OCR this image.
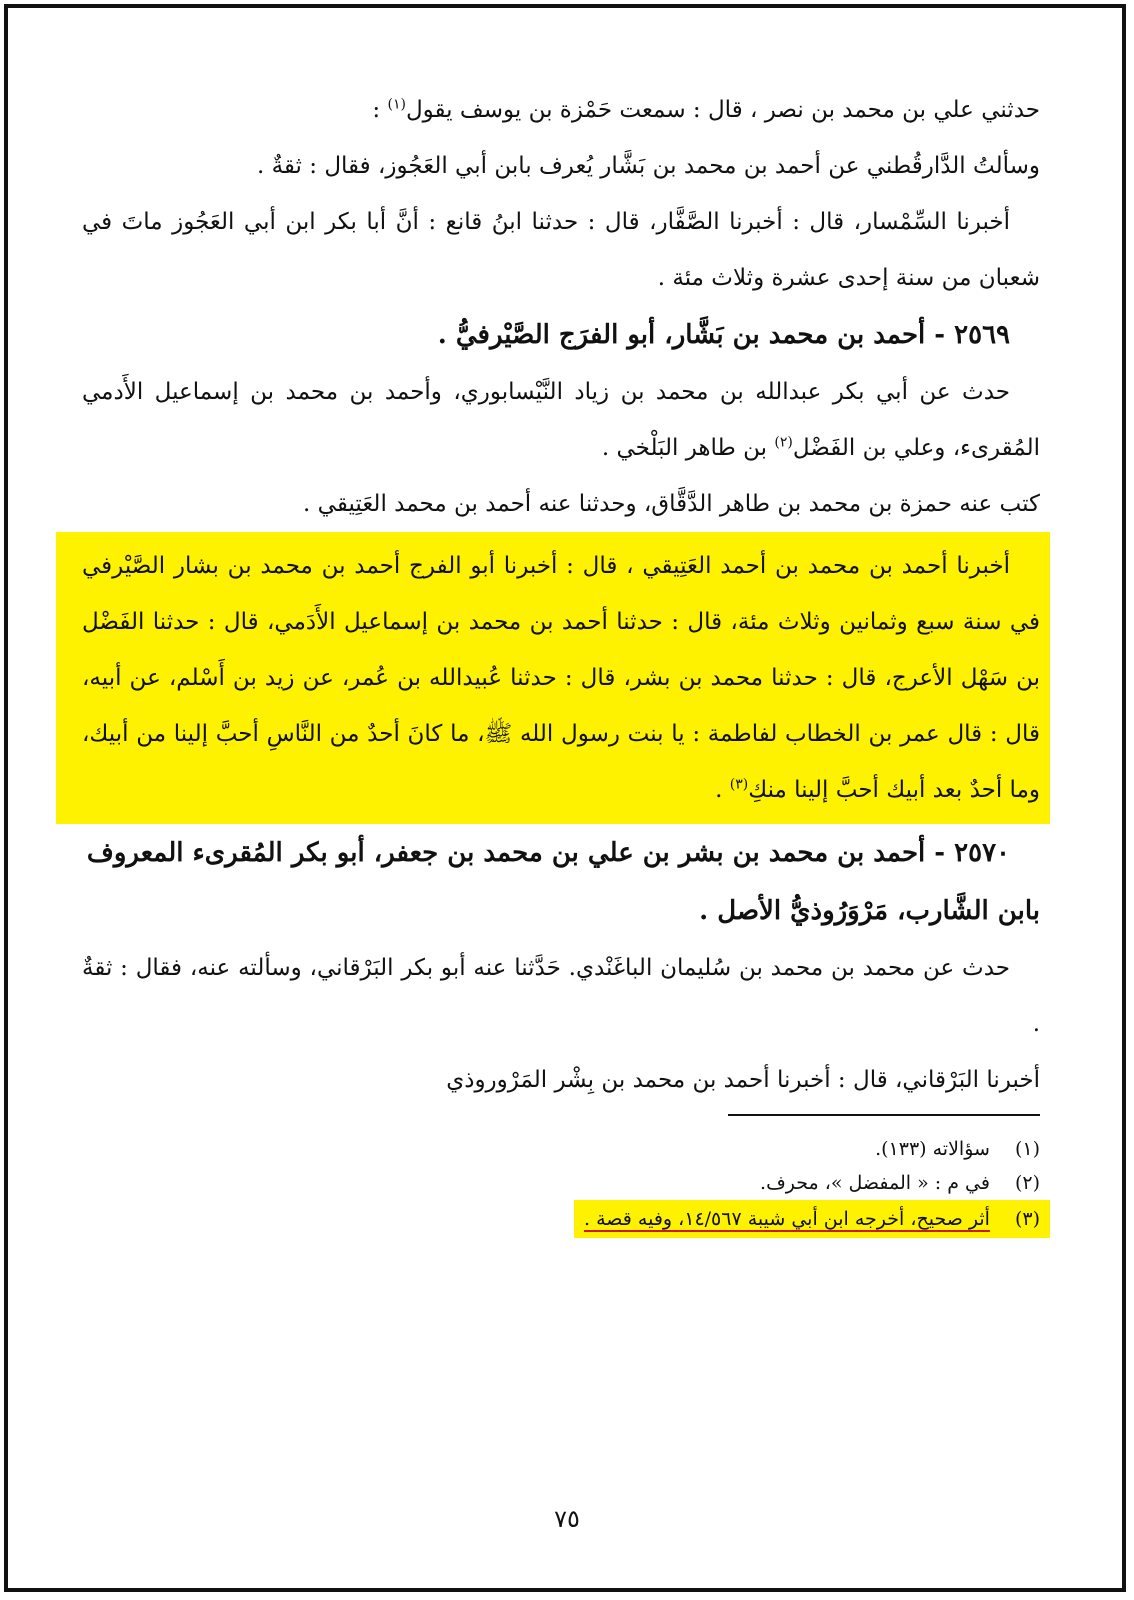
حدثني علي بن محمد بن نصر ، قال : سمعت حَمْزة بن يوسف يقول$^{(١)}$ :

وسألتُ الدَّارقُطني عن أحمد بن محمد بن بَشَّار يُعرف بابن أبي العَجُوز، فقال : ثقةٌ .

أخبرنا السِّمْسار، قال : أخبرنا الصَّفَّار، قال : حدثنا ابنُ قانع : أنَّ أبا بكر ابن أبي العَجُوز ماتَ في شعبان من سنة إحدى عشرة وثلاث مئة .

٢٥٦٩ - أحمد بن محمد بن بَشَّار، أبو الفرَج الصَّيْرفيُّ .

حدث عن أبي بكر عبدالله بن محمد بن زياد النَّيْسابوري، وأحمد بن محمد بن إسماعيل الأَدمي المُقرىء، وعلي بن الفَضْل$^{(٢)}$ بن طاهر البَلْخي .

كتب عنه حمزة بن محمد بن طاهر الدَّقَّاق، وحدثنا عنه أحمد بن محمد العَتِيقي .

أخبرنا أحمد بن محمد بن أحمد العَتِيقي ، قال : أخبرنا أبو الفرج أحمد بن محمد بن بشار الصَّيْرفي في سنة سبع وثمانين وثلاث مئة، قال : حدثنا أحمد بن محمد بن إسماعيل الأَدَمي، قال : حدثنا الفَضْل بن سَهْل الأعرج، قال : حدثنا محمد بن بشر، قال : حدثنا عُبيدالله بن عُمر، عن زيد بن أَسْلم، عن أبيه، قال : قال عمر بن الخطاب لفاطمة : يا بنت رسول الله ﷺ، ما كانَ أحدٌ من النَّاسِ أحبَّ إلينا من أبيك، وما أحدٌ بعد أبيك أحبَّ إلينا منكِ$^{(٣)}$ .

٢٥٧٠ - أحمد بن محمد بن بشر بن علي بن محمد بن جعفر، أبو بكر المُقرىء المعروف بابن الشَّارب، مَرْوَرُوذيُّ الأصل .

حدث عن محمد بن محمد بن سُليمان الباغَنْدي. حَدَّثنا عنه أبو بكر البَرْقاني، وسألته عنه، فقال : ثقةٌ .

أخبرنا البَرْقاني، قال : أخبرنا أحمد بن محمد بن بِشْر المَرْوروذي

(١) سؤالاته (١٣٣).

(٢) في م : « المفضل »، محرف.

(٣) أثر صحيح، أخرجه ابن أبي شيبة ١٤/٥٦٧، وفيه قصة .

٧٥
